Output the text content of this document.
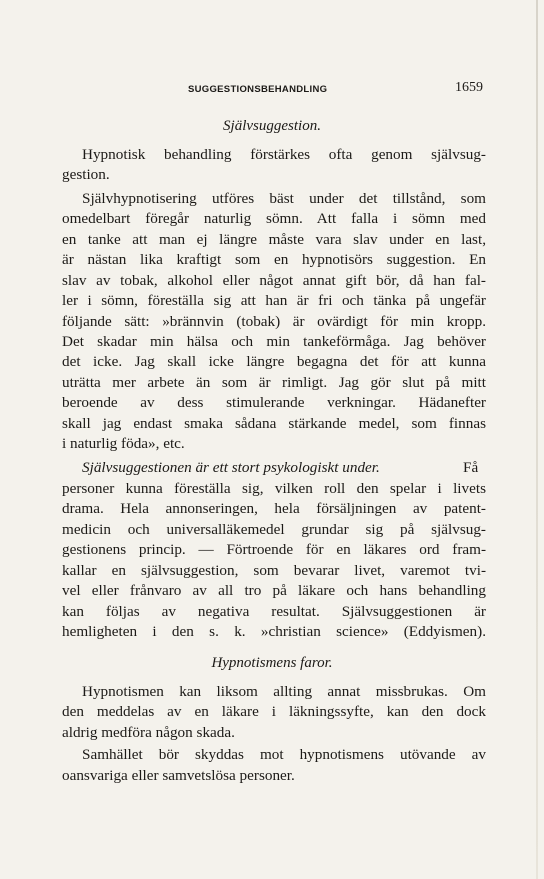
SUGGESTIONSBEHANDLING	1659
Självsuggestion.
Hypnotisk behandling förstärkes ofta genom självsug-
gestion.
Självhypnotisering utföres bäst under det tillstånd, som
omedelbart föregår naturlig sömn. Att falla i sömn med
en tanke att man ej längre måste vara slav under en last,
är nästan lika kraftigt som en hypnotisörs suggestion. En
slav av tobak, alkohol eller något annat gift bör, då han fal-
ler i sömn, föreställa sig att han är fri och tänka på ungefär
följande sätt: »brännvin (tobak) är ovärdigt för min kropp.
Det skadar min hälsa och min tankeförmåga. Jag behöver
det icke. Jag skall icke längre begagna det för att kunna
uträtta mer arbete än som är rimligt. Jag gör slut på mitt
beroende av dess stimulerande verkningar. Hädanefter
skall jag endast smaka sådana stärkande medel, som finnas
i naturlig föda», etc.
Självsuggestionen är ett stort psykologiskt under.	Få
personer kunna föreställa sig, vilken roll den spelar i livets
drama. Hela annonseringen, hela försäljningen av patent-
medicin och universalläkemedel grundar sig på självsug-
gestionens princip. — Förtroende för en läkares ord fram-
kallar en självsuggestion, som bevarar livet, varemot tvi-
vel eller frånvaro av all tro på läkare och hans behandling
kan följas av negativa resultat. Självsuggestionen är
hemligheten i den s. k. »christian science» (Eddyismen).
Hypnotismens faror.
Hypnotismen kan liksom allting annat missbrukas. Om
den meddelas av en läkare i läkningssyfte, kan den dock
aldrig medföra någon skada.
Samhället bör skyddas mot hypnotismens utövande av
oansvariga eller samvetslösa personer.
